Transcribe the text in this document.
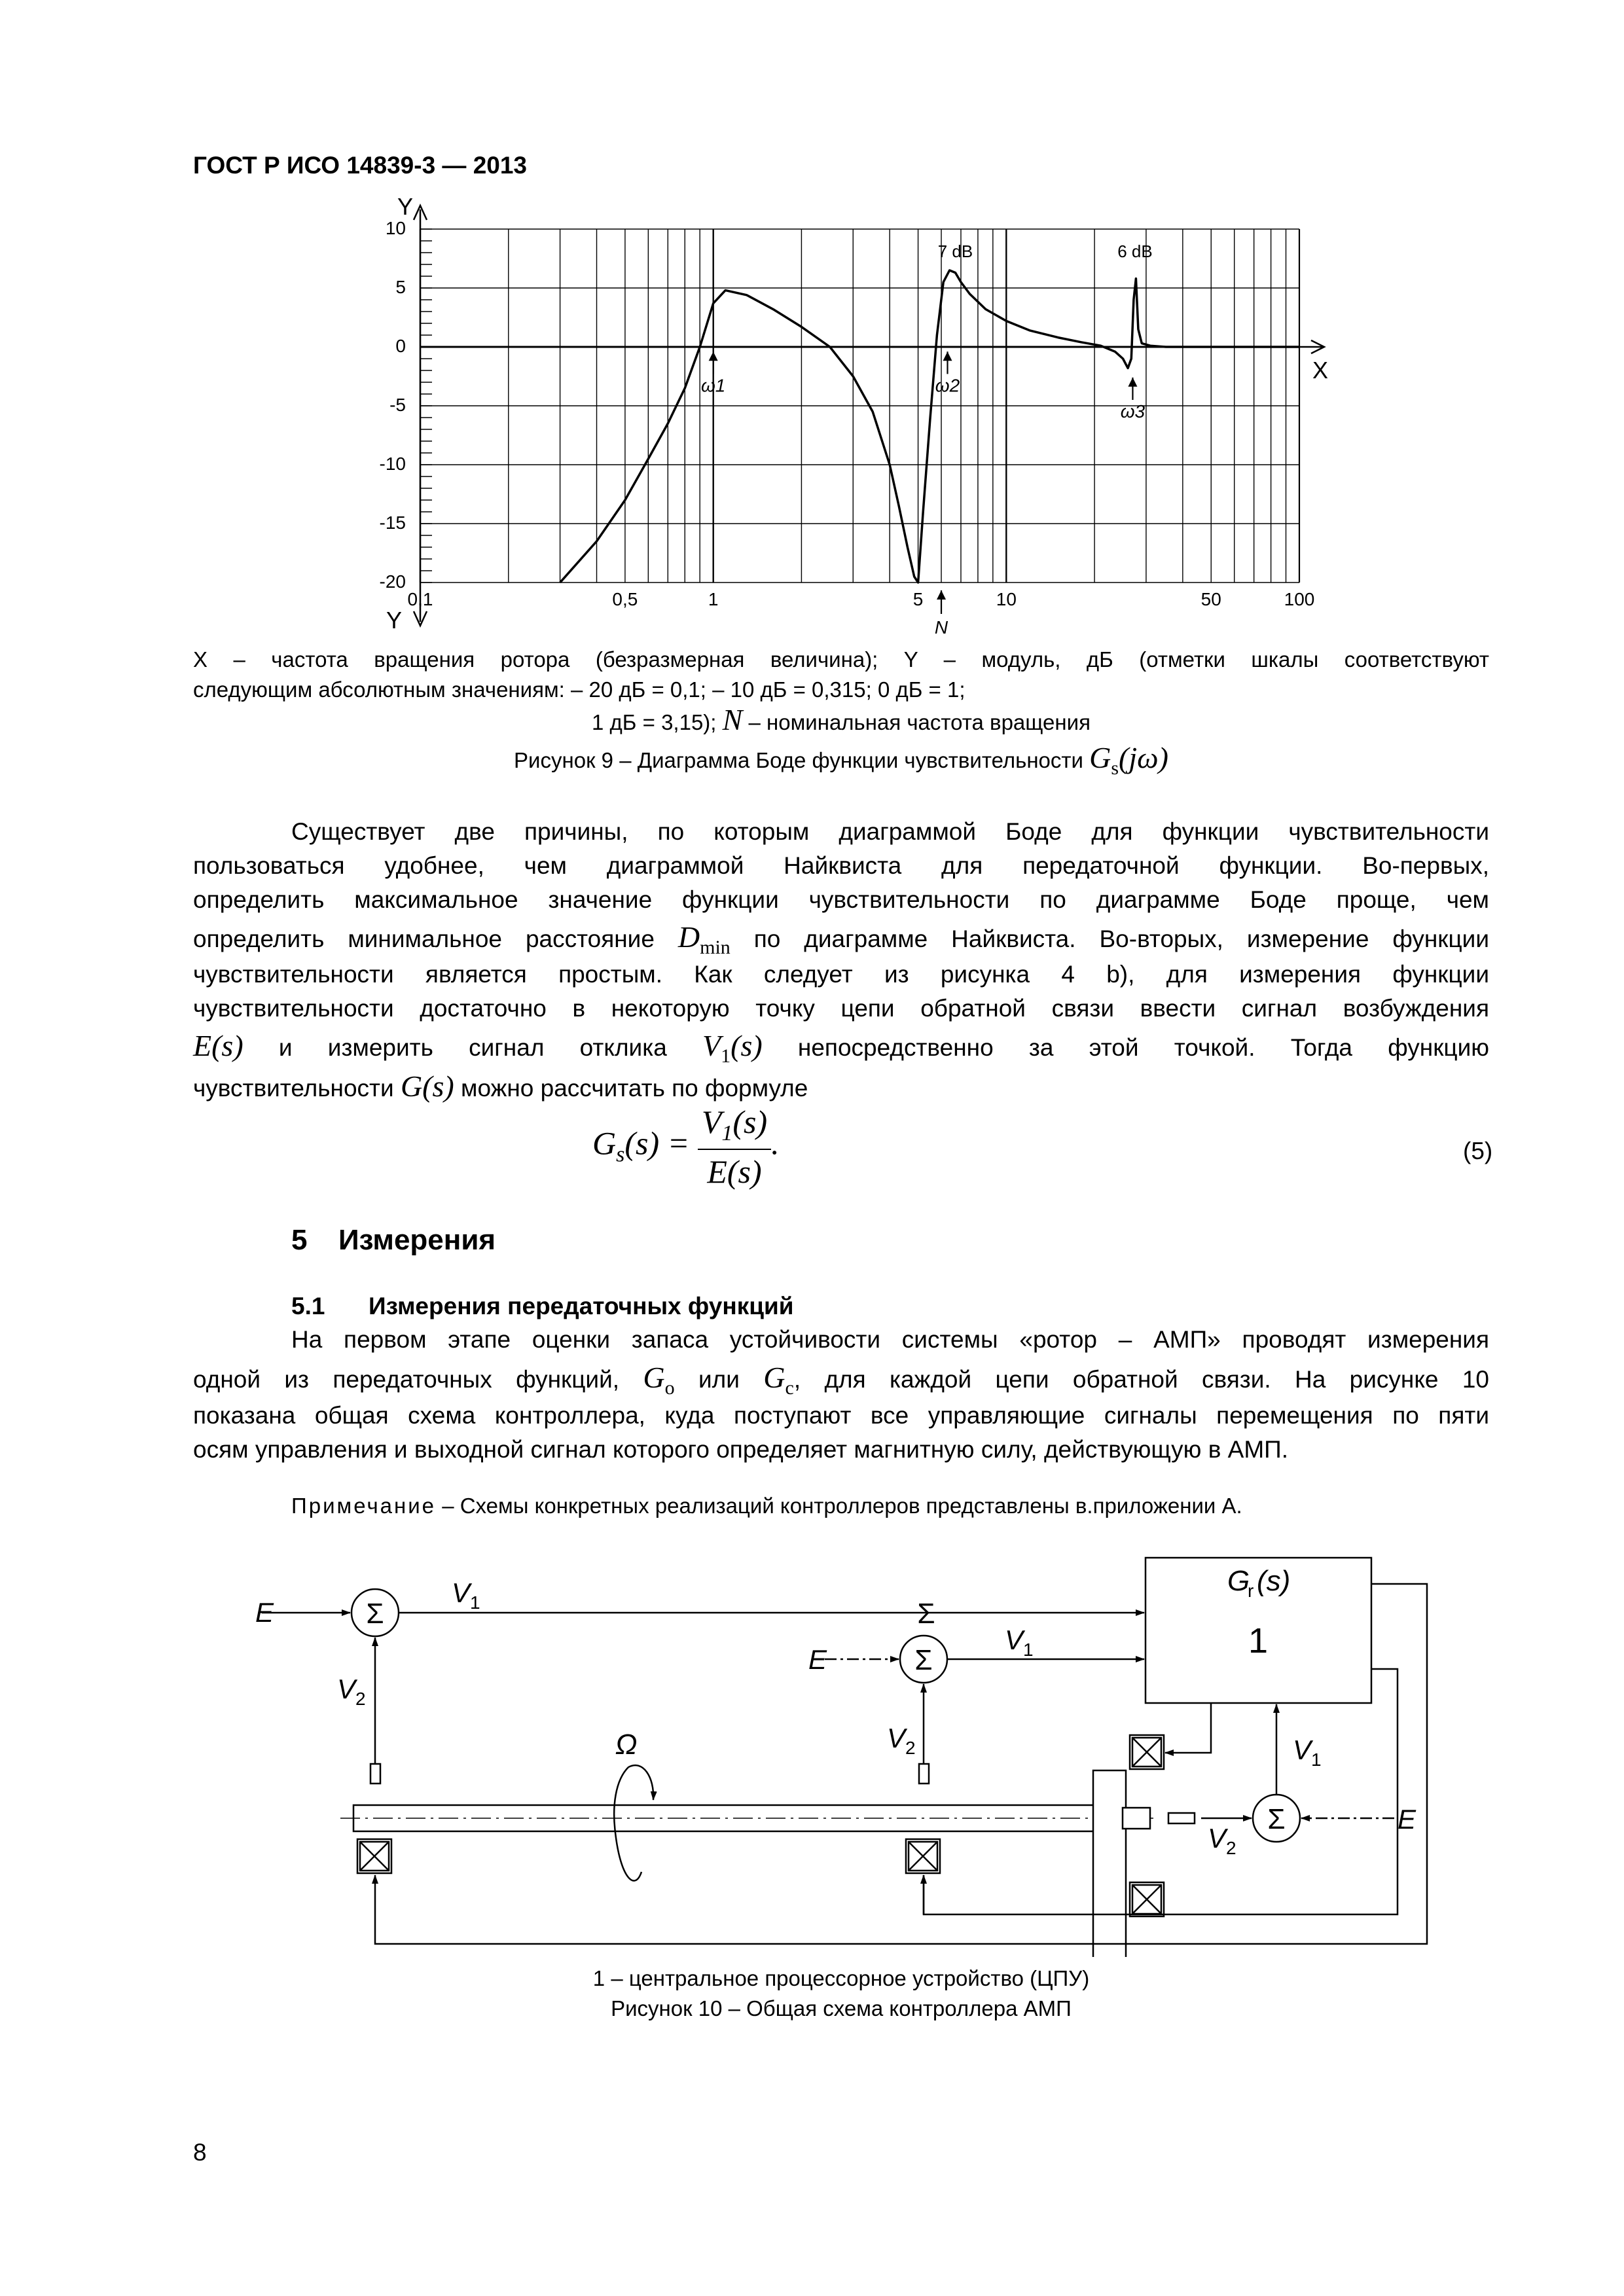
ГОСТ Р ИСО 14839-3 — 2013
10
5
0
-5
-10
-15
-20
0,1	0,5	1	5	10	50	100
Y
Y
X
7 dB	6 dB
ω1	ω2
ω3
N
X – частота вращения ротора (безразмерная величина); Y – модуль, дБ (отметки шкалы соответствуют
следующим абсолютным значениям: – 20 дБ = 0,1; – 10 дБ = 0,315; 0 дБ = 1;
1 дБ = 3,15); N – номинальная частота вращения
Рисунок 9 – Диаграмма Боде функции чувствительности $G_s(j\omega)$
Существует две причины, по которым диаграммой Боде для функции чувствительности
пользоваться удобнее, чем диаграммой Найквиста для передаточной функции. Во-первых,
определить максимальное значение функции чувствительности по диаграмме Боде проще, чем
определить минимальное расстояние $D_{min}$ по диаграмме Найквиста. Во-вторых, измерение функции
чувствительности является простым. Как следует из рисунка 4 b), для измерения функции
чувствительности достаточно в некоторую точку цепи обратной связи ввести сигнал возбуждения
E(s) и измерить сигнал отклика $V_1(s)$ непосредственно за этой точкой. Тогда функцию
чувствительности G(s) можно рассчитать по формуле
$G_s(s) = \frac{V_1(s)}{E(s)}$ .	(5)
5 Измерения
5.1 Измерения передаточных функций
На первом этапе оценки запаса устойчивости системы «ротор – АМП» проводят измерения
одной из передаточных функций, $G_o$ или $G_c$, для каждой цепи обратной связи. На рисунке 10
показана общая схема контроллера, куда поступают все управляющие сигналы перемещения по пяти
осям управления и выходной сигнал которого определяет магнитную силу, действующую в АМП.
Примечание – Схемы конкретных реализаций контроллеров представлены в.приложении А.
Σ
Σ
Σ
Σ
E
E
E
V 1
V 1
V 1
V 2
V 2
V 2
Ω
G
r (s)
1
1 – центральное процессорное устройство (ЦПУ)
Рисунок 10 – Общая схема контроллера АМП
8
